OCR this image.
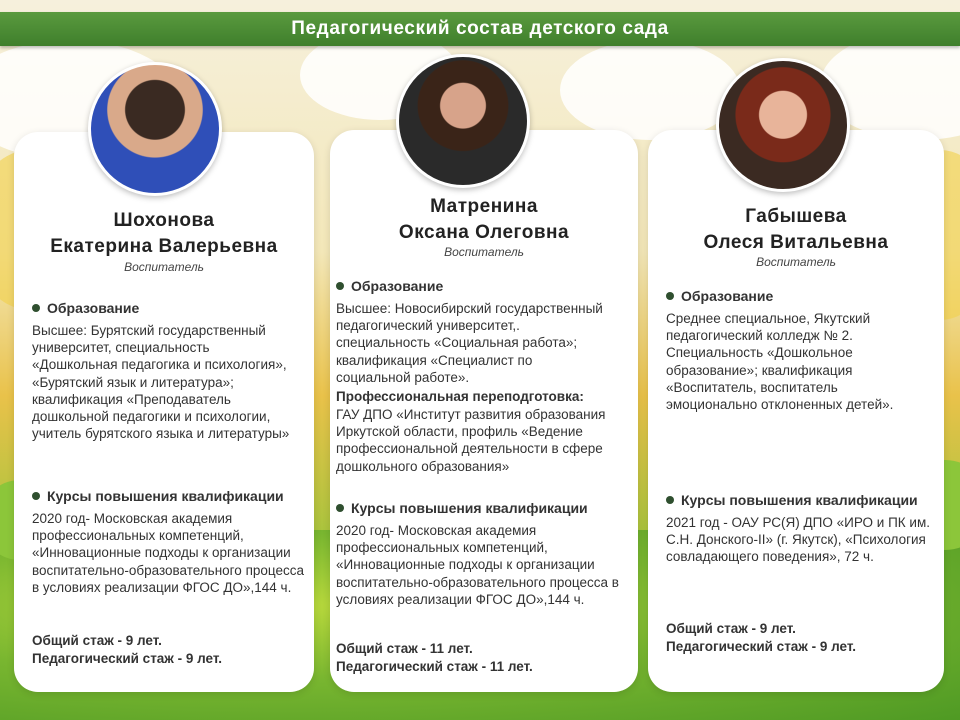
Педагогический состав детского сада
Шохонова
Екатерина Валерьевна
Воспитатель
Образование
Высшее: Бурятский государственный университет, специальность «Дошкольная педагогика и психология», «Бурятский язык и литература»; квалификация «Преподаватель дошкольной педагогики и психологии, учитель бурятского языка и литературы»
Курсы повышения квалификации
2020 год- Московская академия профессиональных компетенций, «Инновационные подходы к организации воспитательно-образовательного процесса в условиях реализации ФГОС ДО»,144 ч.
Общий стаж - 9 лет.
Педагогический стаж - 9 лет.
Матренина
Оксана Олеговна
Воспитатель
Образование
Высшее: Новосибирский государственный педагогический университет,. специальность «Социальная работа»; квалификация «Специалист по социальной работе».
Профессиональная переподготовка:
ГАУ ДПО «Институт развития образования Иркутской области, профиль «Ведение профессиональной деятельности в сфере дошкольного образования»
Курсы повышения квалификации
2020 год- Московская академия профессиональных компетенций, «Инновационные подходы к организации воспитательно-образовательного процесса в условиях реализации ФГОС ДО»,144 ч.
Общий стаж - 11 лет.
Педагогический стаж - 11 лет.
Габышева
Олеся Витальевна
Воспитатель
Образование
Среднее специальное, Якутский педагогический колледж № 2. Специальность «Дошкольное образование»; квалификация «Воспитатель, воспитатель эмоционально отклоненных детей».
Курсы повышения квалификации
2021 год - ОАУ РС(Я) ДПО «ИРО и ПК им. С.Н. Донского-II» (г. Якутск), «Психология совладающего поведения», 72 ч.
Общий стаж - 9 лет.
Педагогический стаж - 9 лет.
